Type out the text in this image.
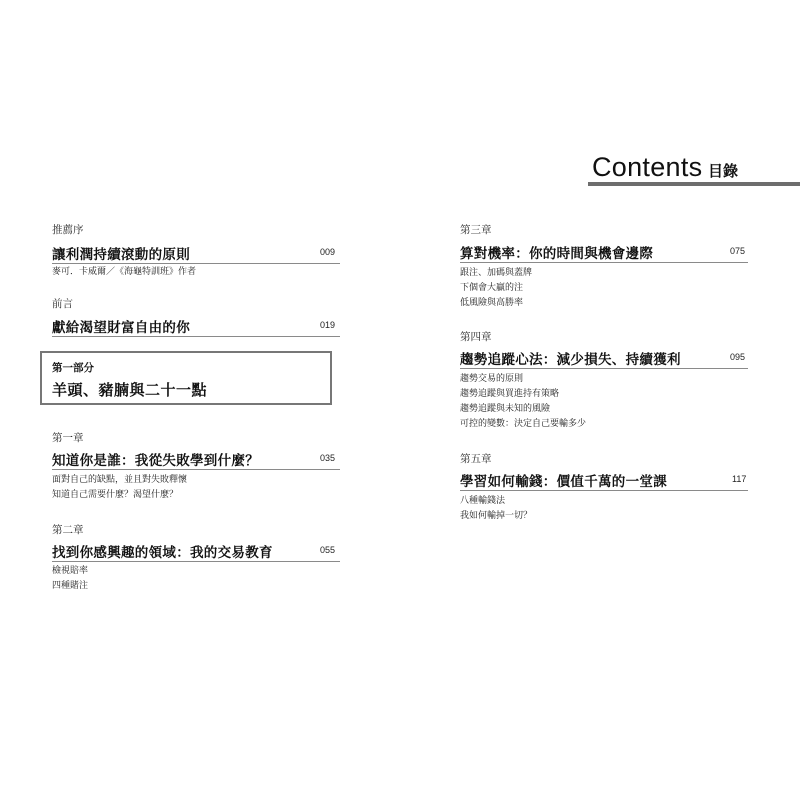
Contents 目錄
推薦序
讓利潤持續滾動的原則	009
麥可．卡威爾／《海龜特訓班》作者
前言
獻給渴望財富自由的你	019
第一部分
羊頭、豬腩與二十一點
第一章
知道你是誰：我從失敗學到什麼？	035
面對自己的缺點，並且對失敗釋懷
知道自己需要什麼？渴望什麼？
第二章
找到你感興趣的領域：我的交易教育	055
檢視賠率
四種賭注
第三章
算對機率：你的時間與機會邊際	075
跟注、加碼與蓋牌
下個會大贏的注
低風險與高勝率
第四章
趨勢追蹤心法：減少損失、持續獲利	095
趨勢交易的原則
趨勢追蹤與買進持有策略
趨勢追蹤與未知的風險
可控的變數：決定自己要輸多少
第五章
學習如何輸錢：價值千萬的一堂課	117
八種輸錢法
我如何輸掉一切？
